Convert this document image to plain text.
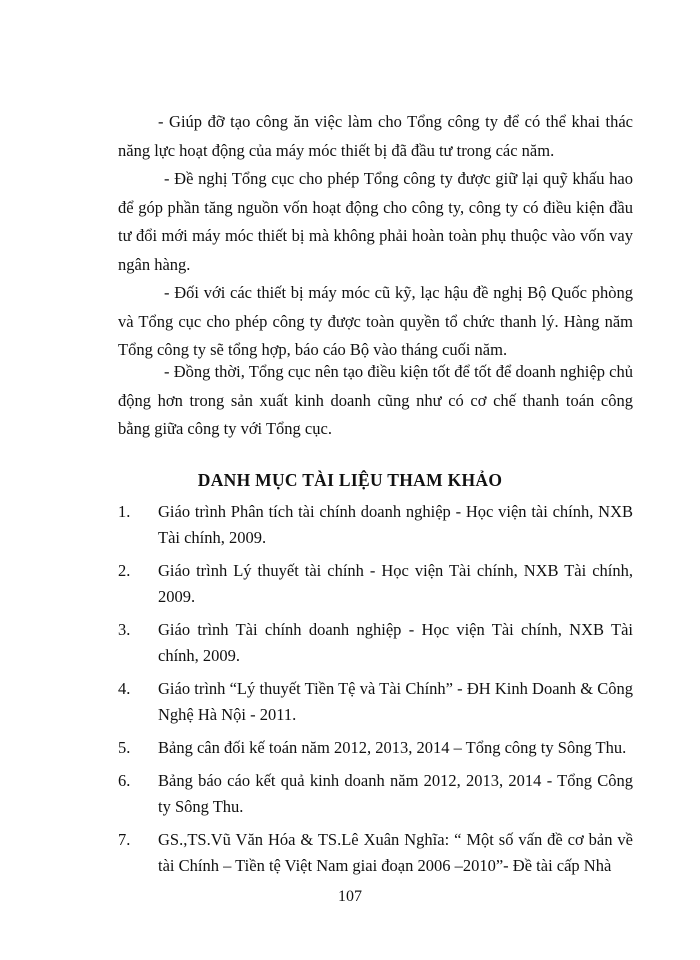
- Giúp đỡ tạo công ăn việc làm cho Tổng công ty để có thể khai thác năng lực hoạt động của máy móc thiết bị đã đầu tư trong các năm.

- Đề nghị Tổng cục cho phép Tổng công ty được giữ lại quỹ khấu hao để góp phần tăng nguồn vốn hoạt động cho công ty, công ty có điều kiện đầu tư đổi mới máy móc thiết bị mà không phải hoàn toàn phụ thuộc vào vốn vay ngân hàng.

- Đối với các thiết bị máy móc cũ kỹ, lạc hậu đề nghị Bộ Quốc phòng và Tổng cục cho phép công ty được toàn quyền tổ chức thanh lý. Hàng năm Tổng công ty sẽ tổng hợp, báo cáo Bộ vào tháng cuối năm.

- Đồng thời, Tổng cục nên tạo điều kiện tốt để tốt để doanh nghiệp chủ động hơn trong sản xuất kinh doanh cũng như có cơ chế thanh toán công bằng giữa công ty với Tổng cục.

DANH MỤC TÀI LIỆU THAM KHẢO
1. Giáo trình Phân tích tài chính doanh nghiệp - Học viện tài chính, NXB Tài chính, 2009.
2. Giáo trình Lý thuyết tài chính - Học viện Tài chính, NXB Tài chính, 2009.
3. Giáo trình Tài chính doanh nghiệp - Học viện Tài chính, NXB Tài chính, 2009.
4. Giáo trình “Lý thuyết Tiền Tệ và Tài Chính” - ĐH Kinh Doanh & Công Nghệ Hà Nội - 2011.
5. Bảng cân đối kế toán năm 2012, 2013, 2014 – Tổng công ty Sông Thu.
6. Bảng báo cáo kết quả kinh doanh năm 2012, 2013, 2014 - Tổng Công ty Sông Thu.
7. GS.,TS.Vũ Văn Hóa & TS.Lê Xuân Nghĩa: “ Một số vấn đề cơ bản về tài Chính – Tiền tệ Việt Nam giai đoạn 2006 –2010”- Đề tài cấp Nhà
107
